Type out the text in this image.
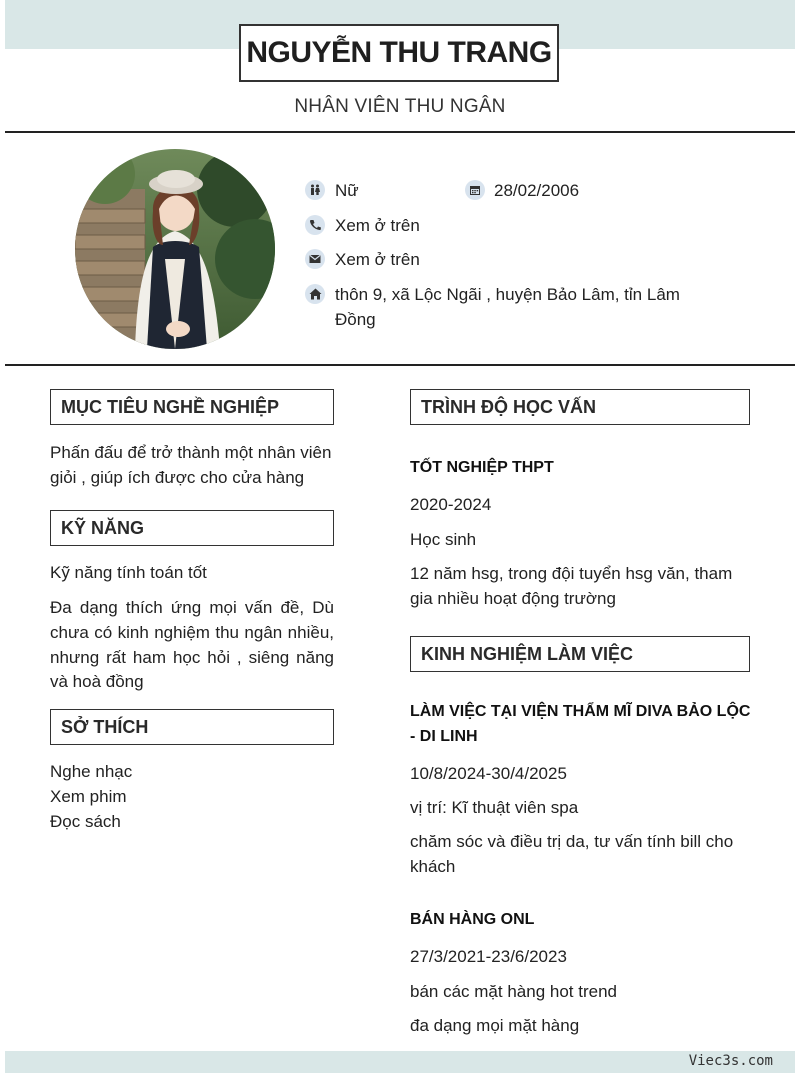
NGUYỄN THU TRANG
NHÂN VIÊN THU NGÂN
Nữ	28/02/2006
Xem ở trên
Xem ở trên
thôn 9, xã Lộc Ngãi , huyện Bảo Lâm, tỉn Lâm
Đồng
MỤC TIÊU NGHỀ NGHIỆP
Phấn đấu để trở thành một nhân viên
giỏi , giúp ích được cho cửa hàng
KỸ NĂNG
Kỹ năng tính toán tốt
Đa dạng thích ứng mọi vấn đề, Dù
chưa có kinh nghiệm thu ngân nhiều,
nhưng rất ham học hỏi , siêng năng
và hoà đồng
SỞ THÍCH
Nghe nhạc
Xem phim
Đọc sách
TRÌNH ĐỘ HỌC VẤN
TỐT NGHIỆP THPT
2020-2024
Học sinh
12 năm hsg, trong đội tuyển hsg văn, tham
gia nhiều hoạt động trường
KINH NGHIỆM LÀM VIỆC
LÀM VIỆC TẠI VIỆN THẨM MĨ DIVA BẢO LỘC
- DI LINH
10/8/2024-30/4/2025
vị trí: Kĩ thuật viên spa
chăm sóc và điều trị da, tư vấn tính bill cho
khách
BÁN HÀNG ONL
27/3/2021-23/6/2023
bán các mặt hàng hot trend
đa dạng mọi mặt hàng
Viec3s.com
